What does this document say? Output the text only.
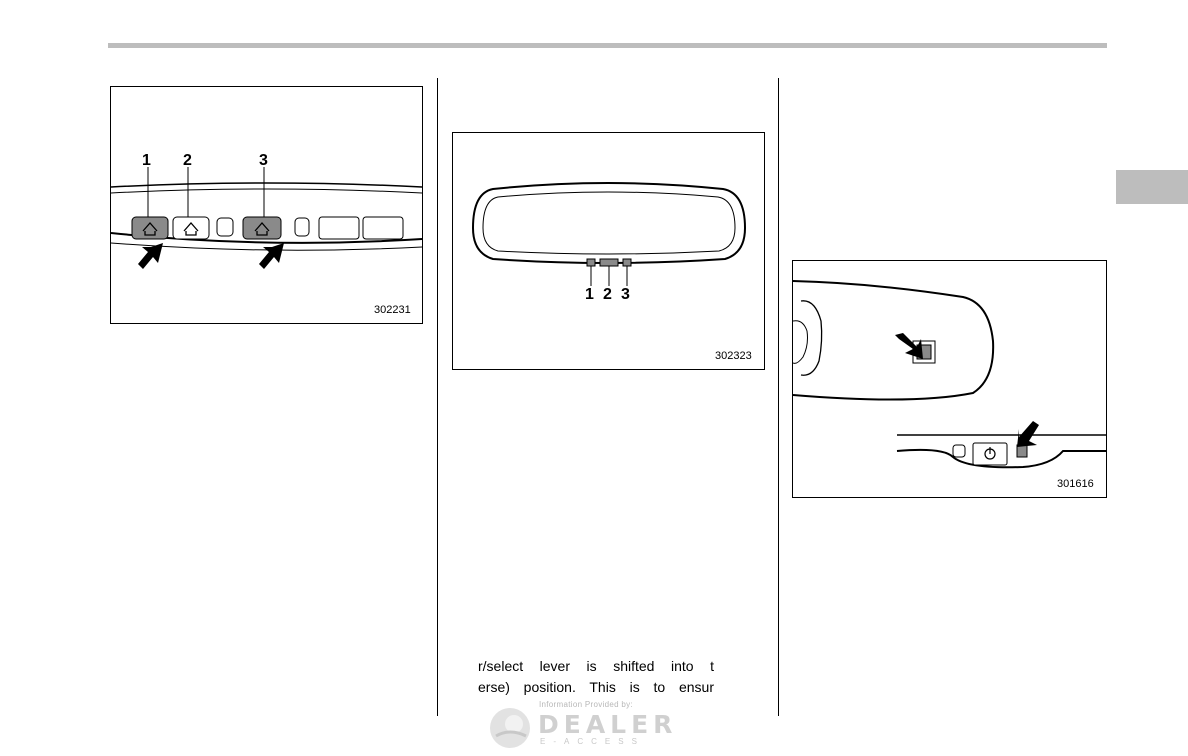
1 2	3
302231
1 2 3
302323
301616
r/select lever is shifted into t
erse) position. This is to ensur
Information Provided by:
DEALER
E-ACCESS
